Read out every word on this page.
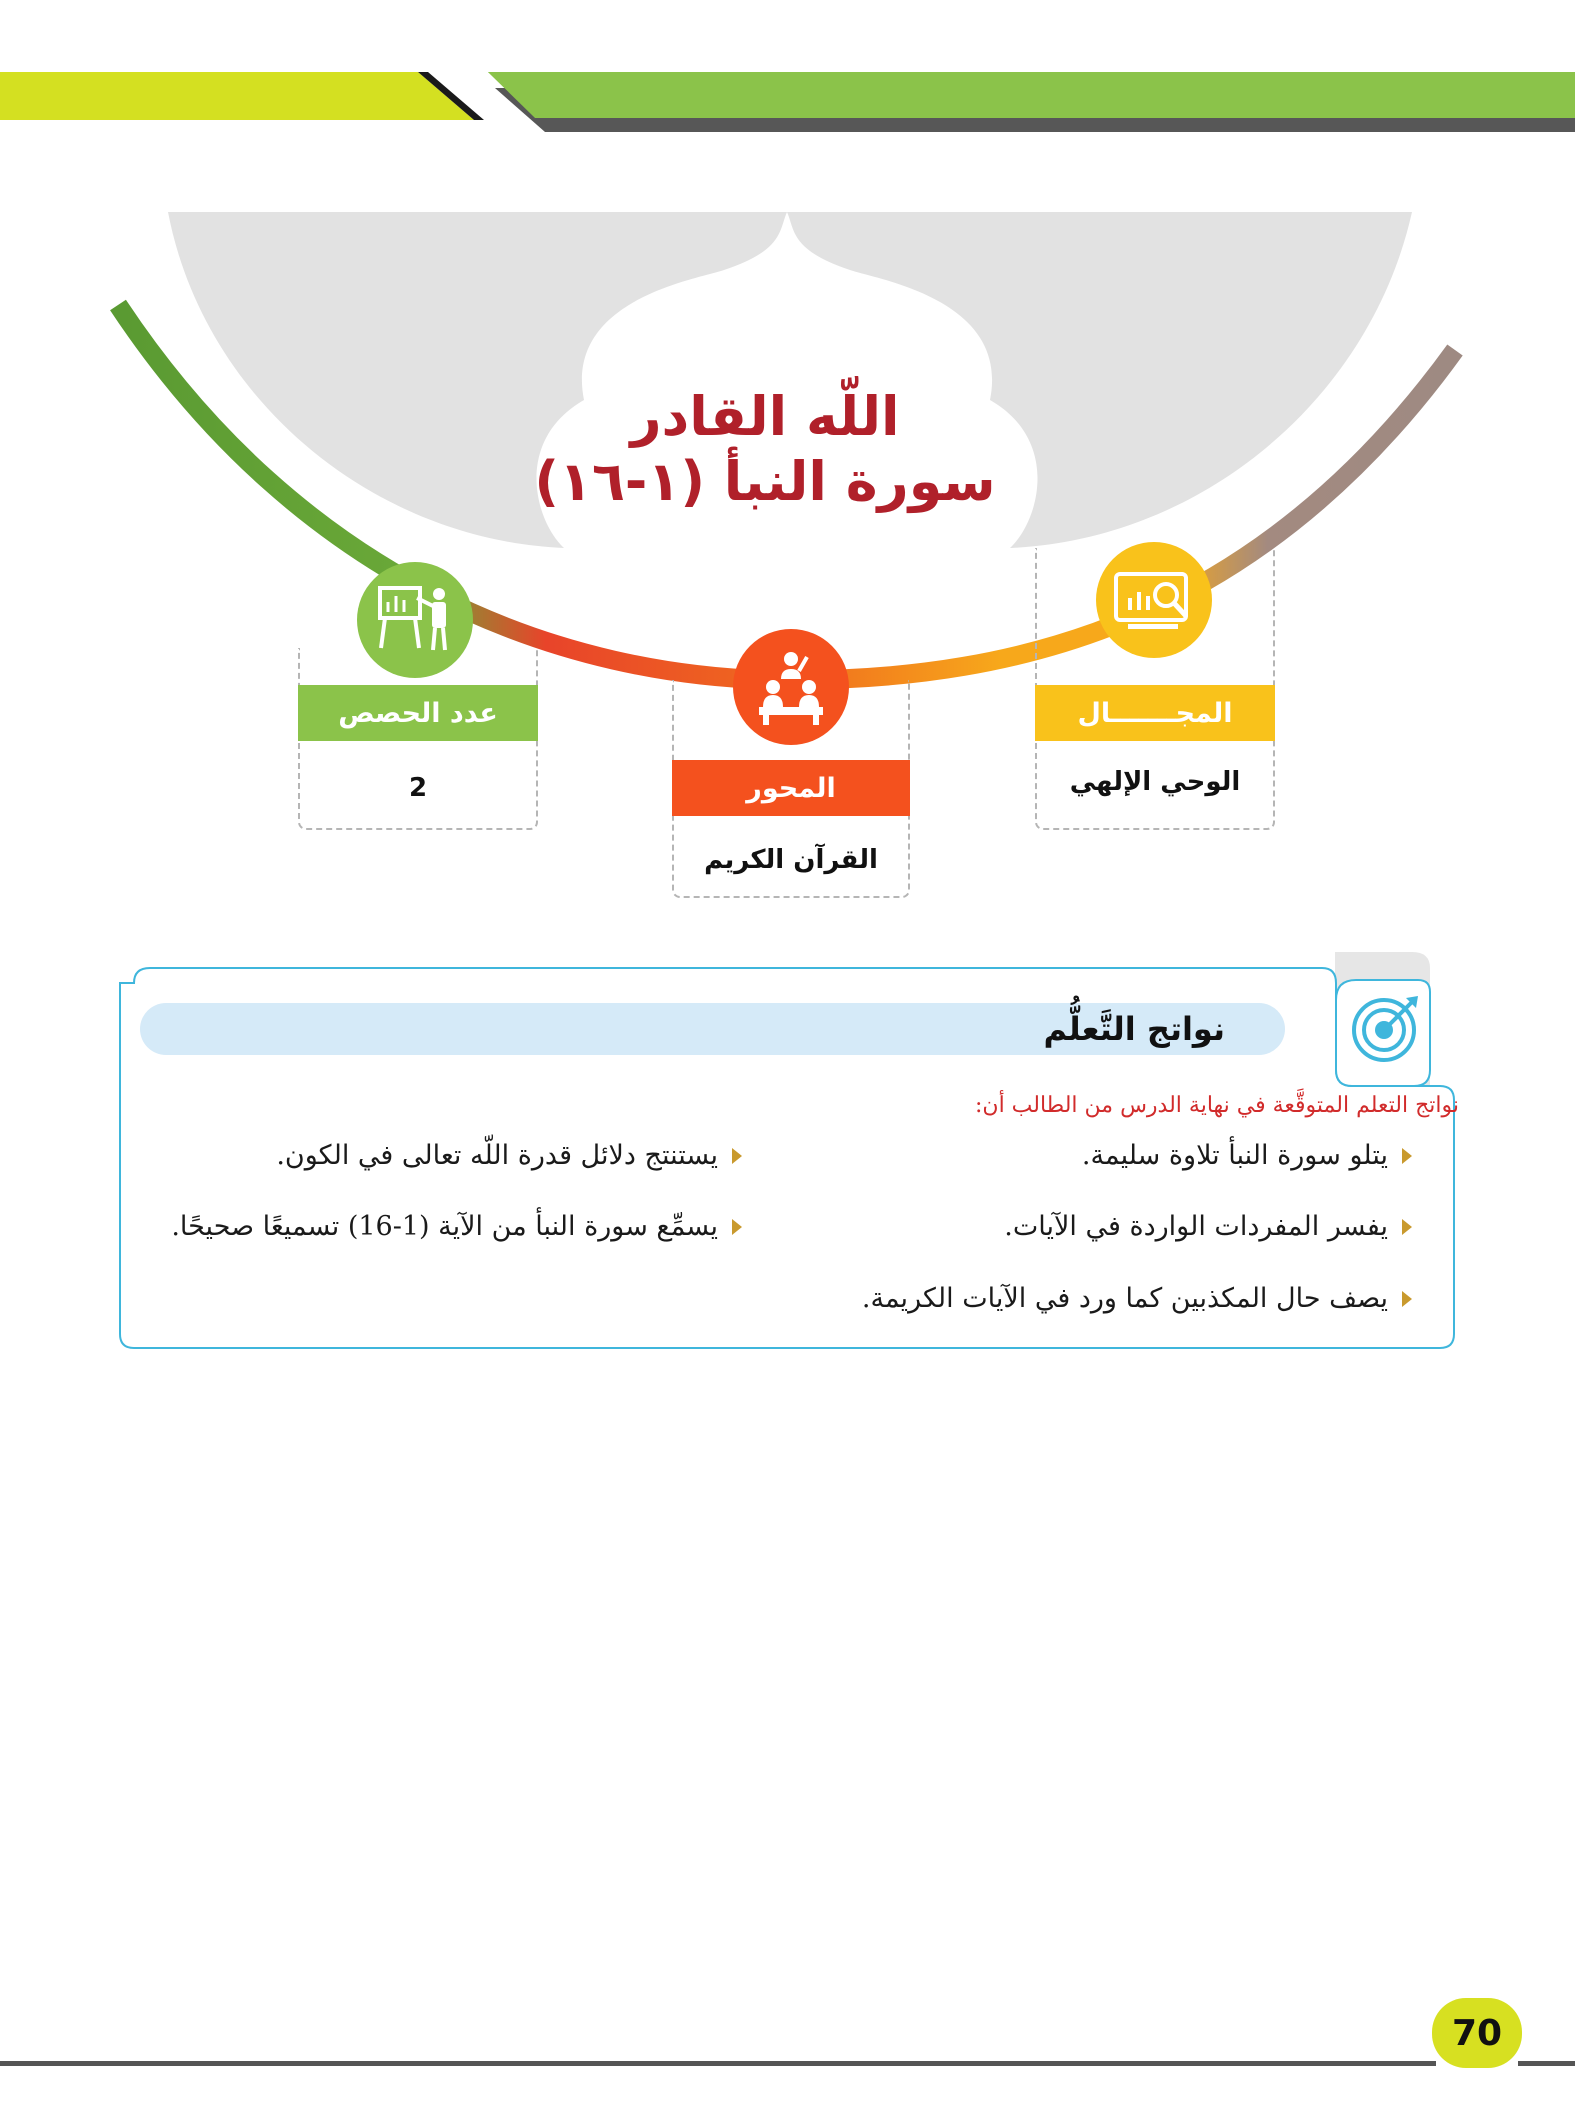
اللّه القادر
سورة النبأ (١-١٦)
عدد الحصص
2	المحور
القرآن الكريم
المجـــــــال
الوحي الإلهي
نواتج التَّعلُّم
نواتج التعلم المتوقَّعة في نهاية الدرس من الطالب أن:
يتلو سورة النبأ تلاوة سليمة.
يستنتج دلائل قدرة اللّه تعالى في الكون.
يفسر المفردات الواردة في الآيات.
يسمِّع سورة النبأ من الآية (1-16) تسميعًا صحيحًا.
يصف حال المكذبين كما ورد في الآيات الكريمة.
70
